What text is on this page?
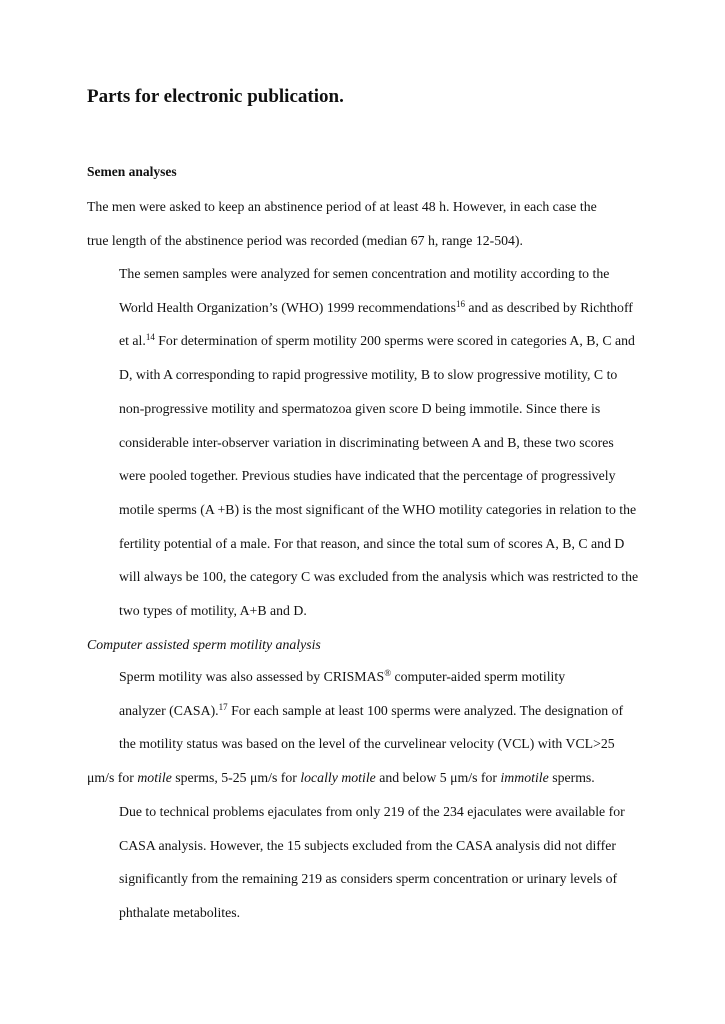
Parts for electronic publication.
Semen analyses

The men were asked to keep an abstinence period of at least 48 h. However, in each case the
true length of the abstinence period was recorded (median 67 h, range 12-504).

The semen samples were analyzed for semen concentration and motility according to the
World Health Organization’s (WHO) 1999 recommendations$^{16}$ and as described by Richthoff
et al.$^{14}$ For determination of sperm motility 200 sperms were scored in categories A, B, C and
D, with A corresponding to rapid progressive motility, B to slow progressive motility, C to
non-progressive motility and spermatozoa given score D being immotile. Since there is
considerable inter-observer variation in discriminating between A and B, these two scores
were pooled together. Previous studies have indicated that the percentage of progressively
motile sperms (A +B) is the most significant of the WHO motility categories in relation to the
fertility potential of a male. For that reason, and since the total sum of scores A, B, C and D
will always be 100, the category C was excluded from the analysis which was restricted to the
two types of motility, A+B and D.

Computer assisted sperm motility analysis

Sperm motility was also assessed by CRISMAS® computer-aided sperm motility
analyzer (CASA).$^{17}$ For each sample at least 100 sperms were analyzed. The designation of
the motility status was based on the level of the curvelinear velocity (VCL) with VCL>25
μm/s for motile sperms, 5-25 μm/s for locally motile and below 5 μm/s for immotile sperms.
Due to technical problems ejaculates from only 219 of the 234 ejaculates were available for
CASA analysis. However, the 15 subjects excluded from the CASA analysis did not differ
significantly from the remaining 219 as considers sperm concentration or urinary levels of
phthalate metabolites.
